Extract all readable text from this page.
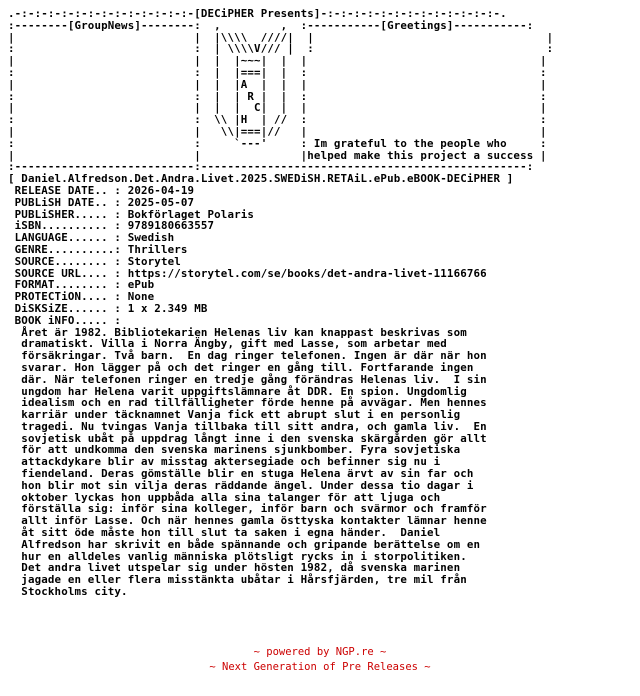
.-:-:-:-:-:-:-:-:-:-:-:-:-:-[DECiPHER Presents]-:-:-:-:-:-:-:-:-:-:-:-:-:-.
:--------[GroupNews]--------:  ,         ,  :-----------[Greetings]-----------:
|                           |  |\\\\  ////|  |                                   |
:                           :  | \\\\V/// |  :                                   :
|                           |  |  |~~~|  |  |                                   |
:                           :  |  |===|  |  :                                   :
|                           |  |  |A  |  |  |                                   |
:                           :  |  | R |  |  :                                   :
|                           |  |  |  C|  |  |                                   |
:                           :  \\ |H  | //  :                                   :
|                           |   \\|===|//   |                                   |
:                           :     `---'     : Im grateful to the people who     :
|                           |               |helped make this project a success |
:---------------------------:-------------------------------------------------:
[ Daniel.Alfredson.Det.Andra.Livet.2025.SWEDiSH.RETAiL.ePub.eBOOK-DECiPHER ]
RELEASE DATE.. : 2026-04-19
PUBLiSH DATE.. : 2025-05-07
PUBLiSHER..... : Bokförlaget Polaris
iSBN.......... : 9789180663557
LANGUAGE...... : Swedish
GENRE..........: Thrillers
SOURCE........ : Storytel
SOURCE URL.... : https://storytel.com/se/books/det-andra-livet-11166766
FORMAT........ : ePub
PROTECTiON.... : None
DiSKSiZE...... : 1 x 2.349 MB
BOOK iNFO..... :
Året är 1982. Bibliotekarien Helenas liv kan knappast beskrivas som
dramatiskt. Villa i Norra Ängby, gift med Lasse, som arbetar med
försäkringar. Två barn.  En dag ringer telefonen. Ingen är där när hon
svarar. Hon lägger på och det ringer en gång till. Fortfarande ingen
där. När telefonen ringer en tredje gång förändras Helenas liv.  I sin
ungdom har Helena varit uppgiftslämnare åt DDR. En spion. Ungdomlig
idealism och en rad tillfälligheter förde henne på avvägar. Men hennes
karriär under täcknamnet Vanja fick ett abrupt slut i en personlig
tragedi. Nu tvingas Vanja tillbaka till sitt andra, och gamla liv.  En
sovjetisk ubåt på uppdrag långt inne i den svenska skärgården gör allt
för att undkomma den svenska marinens sjunkbomber. Fyra sovjetiska
attackdykare blir av misstag aktersegiade och befinner sig nu i
fiendeland. Deras gömställe blir en stuga Helena ärvt av sin far och
hon blir mot sin vilja deras räddande ängel. Under dessa tio dagar i
oktober lyckas hon uppbåda alla sina talanger för att ljuga och
förställa sig: inför sina kolleger, inför barn och svärmor och framför
allt inför Lasse. Och när hennes gamla östtyska kontakter lämnar henne
åt sitt öde måste hon till slut ta saken i egna händer.  Daniel
Alfredson har skrivit en både spännande och gripande berättelse om en
hur en alldeles vanlig människa plötsligt rycks in i storpolitiken.
Det andra livet utspelar sig under hösten 1982, då svenska marinen
jagade en eller flera misstänkta ubåtar i Hårsfjärden, tre mil från
Stockholms city.
~ powered by NGP.re ~
~ Next Generation of Pre Releases ~
